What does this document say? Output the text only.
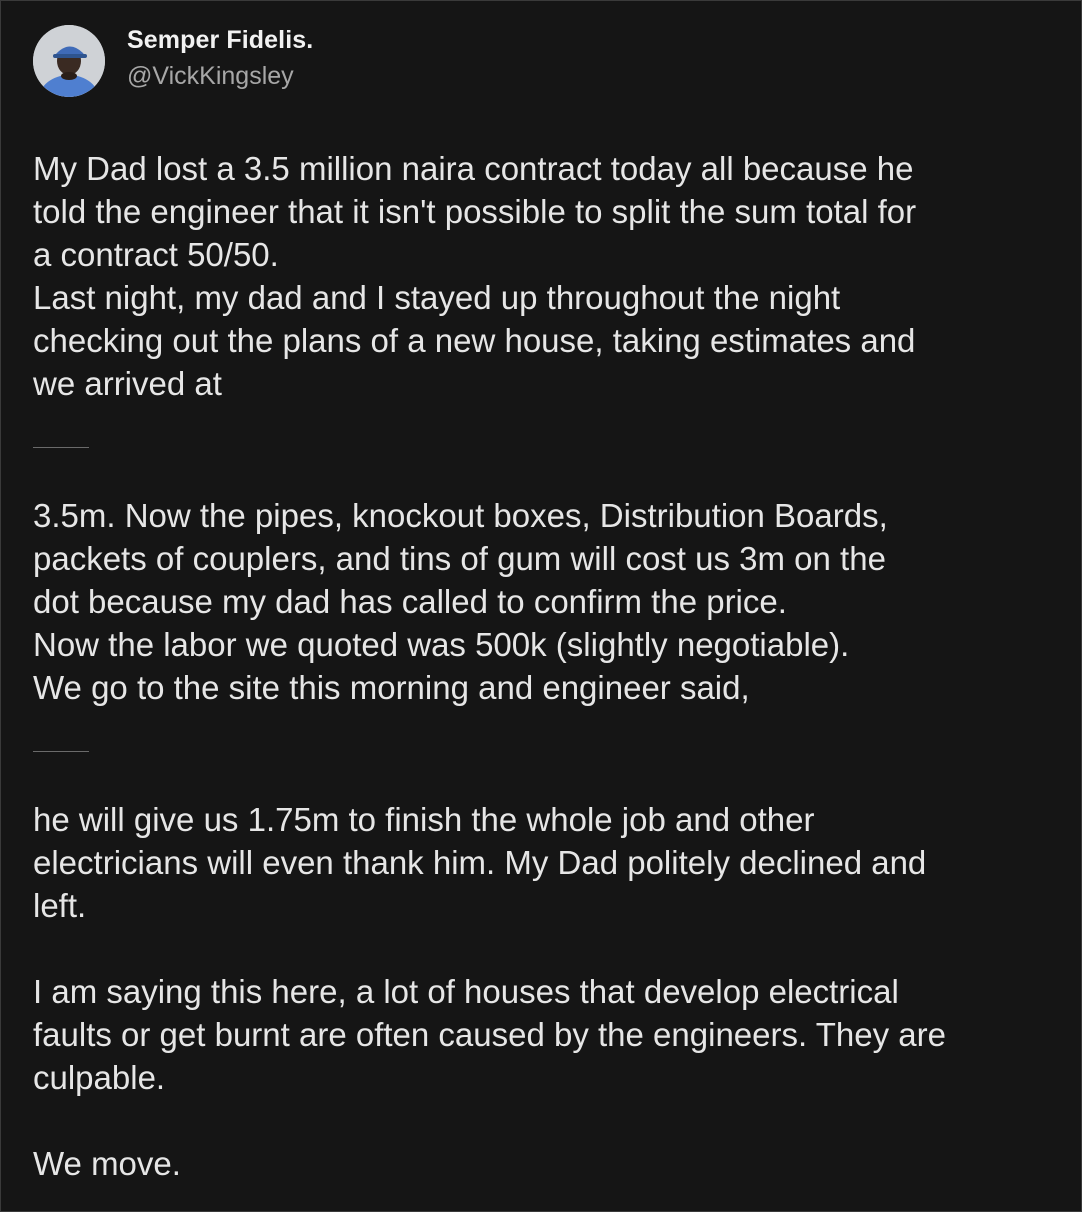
Semper Fidelis.
@VickKingsley
My Dad lost a 3.5 million naira contract today all because he
told the engineer that it isn't possible to split the sum total for
a contract 50/50.
Last night, my dad and I stayed up throughout the night
checking out the plans of a new house, taking estimates and
we arrived at
3.5m. Now the pipes, knockout boxes, Distribution Boards,
packets of couplers, and tins of gum will cost us 3m on the
dot because my dad has called to confirm the price.
Now the labor we quoted was 500k (slightly negotiable).
We go to the site this morning and engineer said,
he will give us 1.75m to finish the whole job and other
electricians will even thank him. My Dad politely declined and
left.
I am saying this here, a lot of houses that develop electrical
faults or get burnt are often caused by the engineers. They are
culpable.
We move.
